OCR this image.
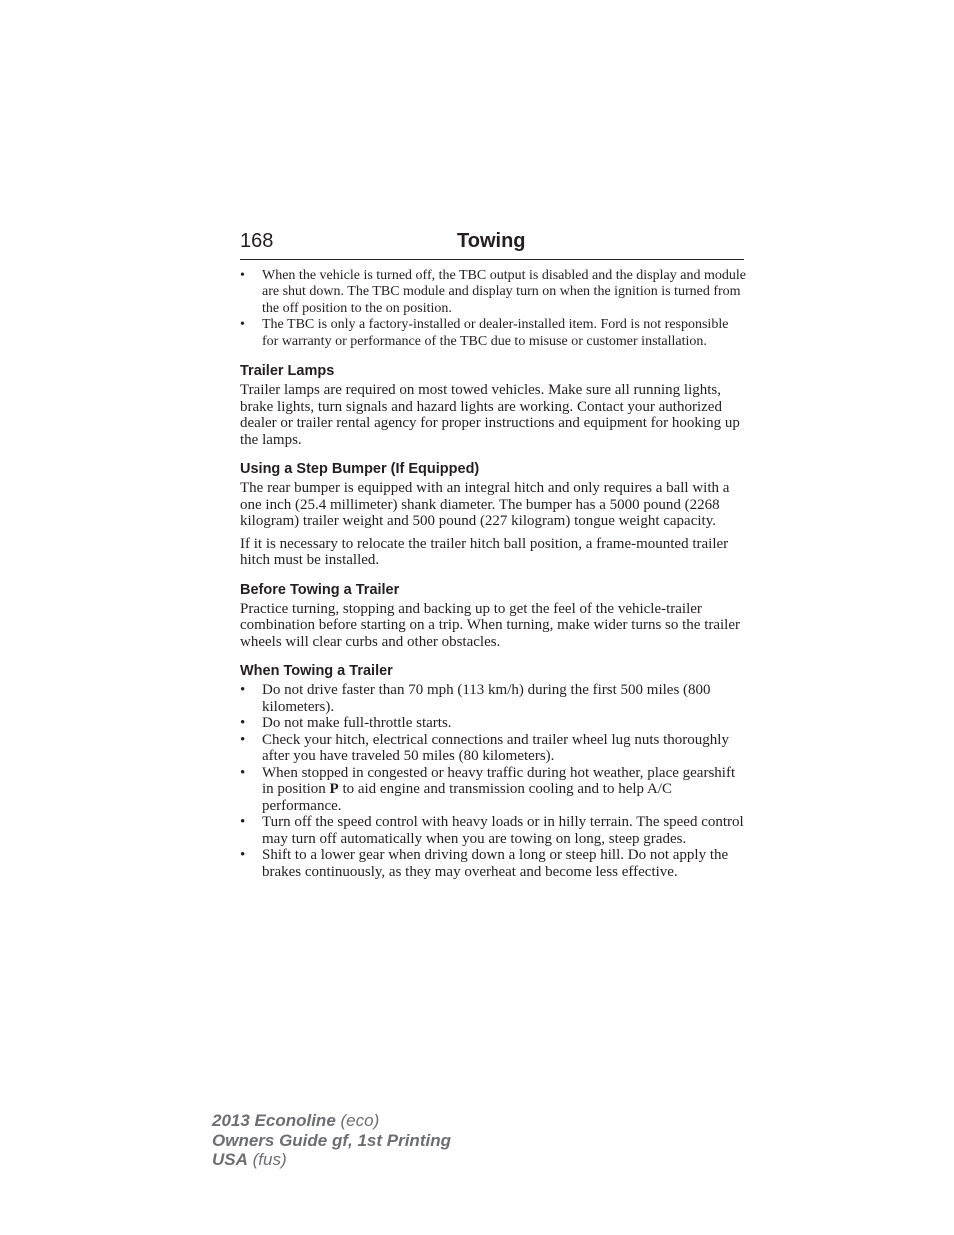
168	Towing
• When the vehicle is turned off, the TBC output is disabled and the display and module are shut down. The TBC module and display turn on when the ignition is turned from the off position to the on position.
• The TBC is only a factory-installed or dealer-installed item. Ford is not responsible for warranty or performance of the TBC due to misuse or customer installation.
Trailer Lamps

Trailer lamps are required on most towed vehicles. Make sure all running lights, brake lights, turn signals and hazard lights are working. Contact your authorized dealer or trailer rental agency for proper instructions and equipment for hooking up the lamps.

Using a Step Bumper (If Equipped)

The rear bumper is equipped with an integral hitch and only requires a ball with a one inch (25.4 millimeter) shank diameter. The bumper has a 5000 pound (2268 kilogram) trailer weight and 500 pound (227 kilogram) tongue weight capacity.

If it is necessary to relocate the trailer hitch ball position, a frame-mounted trailer hitch must be installed.

Before Towing a Trailer

Practice turning, stopping and backing up to get the feel of the vehicle-trailer combination before starting on a trip. When turning, make wider turns so the trailer wheels will clear curbs and other obstacles.

When Towing a Trailer
• Do not drive faster than 70 mph (113 km/h) during the first 500 miles (800 kilometers).
• Do not make full-throttle starts.
• Check your hitch, electrical connections and trailer wheel lug nuts thoroughly after you have traveled 50 miles (80 kilometers).
• When stopped in congested or heavy traffic during hot weather, place gearshift in position P to aid engine and transmission cooling and to help A/C performance.
• Turn off the speed control with heavy loads or in hilly terrain. The speed control may turn off automatically when you are towing on long, steep grades.
• Shift to a lower gear when driving down a long or steep hill. Do not apply the brakes continuously, as they may overheat and become less effective.
2013 Econoline (eco)
Owners Guide gf, 1st Printing
USA (fus)
